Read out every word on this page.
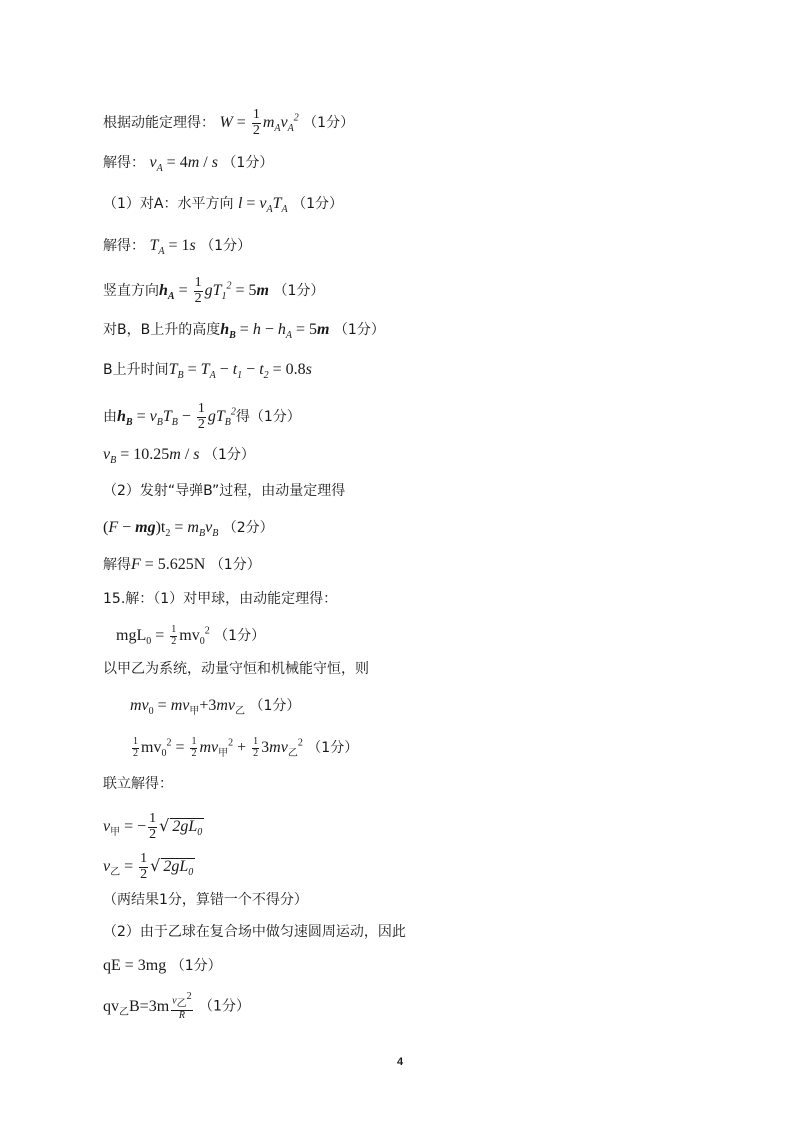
根据动能定理得： $W = \frac{1}{2} m_Av_A^2$ （1分）
解得： $v_A = 4m / s$ （1分）
（1）对A：水平方向 $l = v_AT_A$ （1分）
解得： $T_A = 1s$ （1分）
竖直方向$h_A = \frac{1}{2} gT_1^2 = 5m$ （1分）
对B，B上升的高度$h_B = h - h_A = 5m$ （1分）
B上升时间$T_B = T_A - t_1 - t_2 = 0.8s$
由$h_B = v_BT_B - \frac{1}{2} gT_B^2$得（1分）
$v_B = 10.25m / s$ （1分）
（2）发射“导弹B”过程，由动量定理得
$(F - mg)t_2 = m_Bv_B$ （2分）
解得F = 5.625N （1分）
15.解：（1）对甲球，由动能定理得：
$mgL_0 = \frac{1}{2} mv_0^2$ （1分）
以甲乙为系统，动量守恒和机械能守恒，则
$mv_0 = mv_甲+3mv_乙$ （1分）
$\frac{1}{2} mv_0^2 = \frac{1}{2} mv_甲^2 + \frac{1}{2} 3mv_乙^2$ （1分）
联立解得：
$v_甲$ = − $\frac{1}{2}$ √ $2gL_0$
$v_乙 = \frac{1}{2}$ √ $2gL_0$
（两结果1分，算错一个不得分）
（2）由于乙球在复合场中做匀速圆周运动，因此
qE = 3mg （1分）
$qv_乙B=3m \frac{v_乙^2}{R} (1$分）
4
